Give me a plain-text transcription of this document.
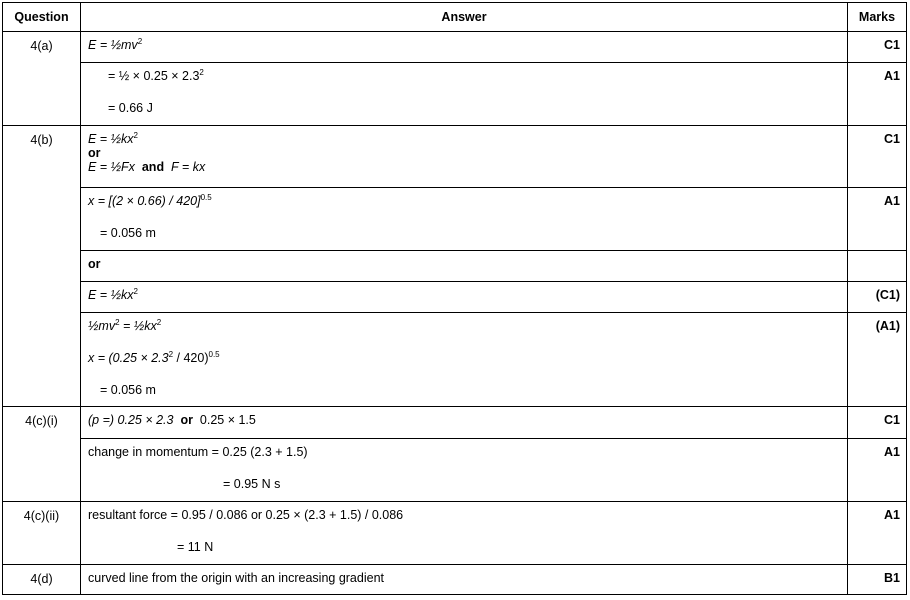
Question	Answer	Marks
4(a)	$E = \frac{1}{2}mv^2$	C1

	= ½ × $0.25 \times 2.3^2$
= 0.66 J	A1
4(b)	$E = \frac{1}{2}kx^2$
or
E = ½Fx and F = kx	C1

	$x = [(2 \times 0.66) / 420]^{0.5}$
= 0.056 m	A1

	or	

	$E = \frac{1}{2}kx^2$	(C1)

	$\frac{1}{2}mv^2$ = $\frac{1}{2}kx^2$
$x = (0.25 \times 2.3^2 / 420)^{0.5}$
= 0.056 m	(A1)
4(c)(i)	(p =) 0.25 × 2.3 or 0.25 × 1.5	C1

	change in momentum = 0.25 (2.3 + 1.5)
= 0.95 N s	A1
4(c)(ii)	resultant force = 0.95 / 0.086 or 0.25 × (2.3 + 1.5) / 0.086
= 11 N	A1
4(d)	curved line from the origin with an increasing gradient	B1
